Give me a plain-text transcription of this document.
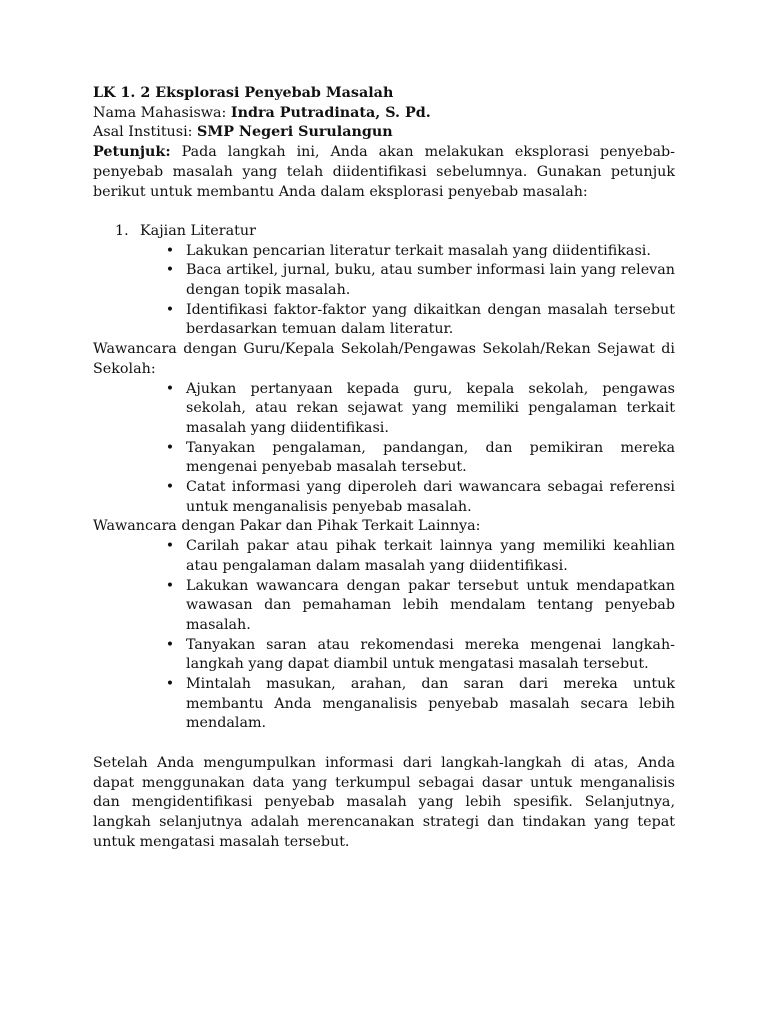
LK 1. 2 Eksplorasi Penyebab Masalah

Nama Mahasiswa: Indra Putradinata, S. Pd.

Asal Institusi: SMP Negeri Surulangun

Petunjuk: Pada langkah ini, Anda akan melakukan eksplorasi penyebab-penyebab masalah yang telah diidentifikasi sebelumnya. Gunakan petunjuk berikut untuk membantu Anda dalam eksplorasi penyebab masalah:

1. Kajian Literatur

• Lakukan pencarian literatur terkait masalah yang diidentifikasi.
• Baca artikel, jurnal, buku, atau sumber informasi lain yang relevan dengan topik masalah.
• Identifikasi faktor-faktor yang dikaitkan dengan masalah tersebut berdasarkan temuan dalam literatur.

Wawancara dengan Guru/Kepala Sekolah/Pengawas Sekolah/Rekan Sejawat di Sekolah:

• Ajukan pertanyaan kepada guru, kepala sekolah, pengawas sekolah, atau rekan sejawat yang memiliki pengalaman terkait masalah yang diidentifikasi.
• Tanyakan pengalaman, pandangan, dan pemikiran mereka mengenai penyebab masalah tersebut.
• Catat informasi yang diperoleh dari wawancara sebagai referensi untuk menganalisis penyebab masalah.

Wawancara dengan Pakar dan Pihak Terkait Lainnya:

• Carilah pakar atau pihak terkait lainnya yang memiliki keahlian atau pengalaman dalam masalah yang diidentifikasi.
• Lakukan wawancara dengan pakar tersebut untuk mendapatkan wawasan dan pemahaman lebih mendalam tentang penyebab masalah.
• Tanyakan saran atau rekomendasi mereka mengenai langkah-langkah yang dapat diambil untuk mengatasi masalah tersebut.
• Mintalah masukan, arahan, dan saran dari mereka untuk membantu Anda menganalisis penyebab masalah secara lebih mendalam.

Setelah Anda mengumpulkan informasi dari langkah-langkah di atas, Anda dapat menggunakan data yang terkumpul sebagai dasar untuk menganalisis dan mengidentifikasi penyebab masalah yang lebih spesifik. Selanjutnya, langkah selanjutnya adalah merencanakan strategi dan tindakan yang tepat untuk mengatasi masalah tersebut.
